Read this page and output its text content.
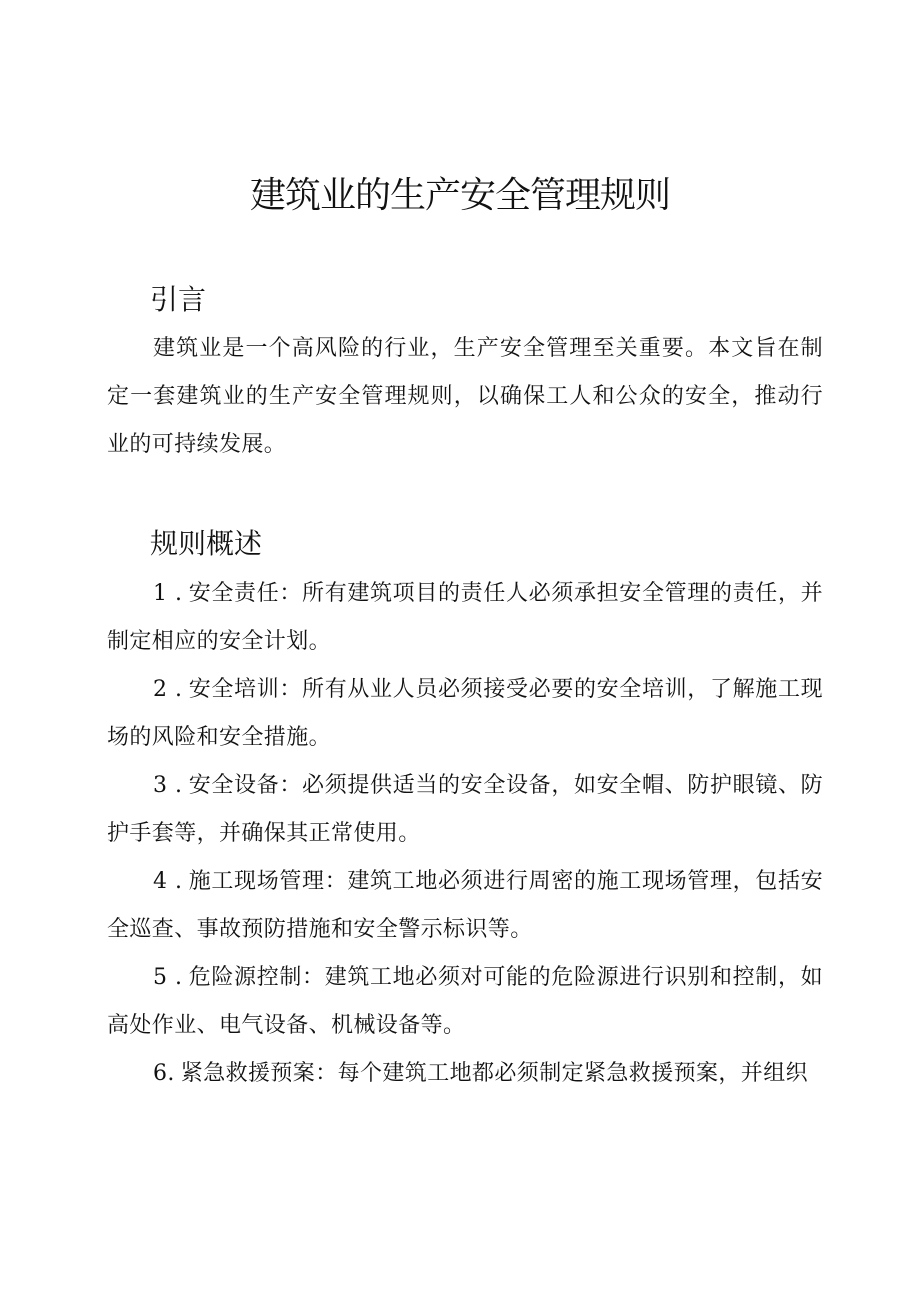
建筑业的生产安全管理规则
引言

建筑业是一个高风险的行业，生产安全管理至关重要。本文旨在制定一套建筑业的生产安全管理规则，以确保工人和公众的安全，推动行业的可持续发展。

规则概述

1 . 安全责任：所有建筑项目的责任人必须承担安全管理的责任，并制定相应的安全计划。

2 . 安全培训：所有从业人员必须接受必要的安全培训，了解施工现场的风险和安全措施。

3 . 安全设备：必须提供适当的安全设备，如安全帽、防护眼镜、防护手套等，并确保其正常使用。

4 . 施工现场管理：建筑工地必须进行周密的施工现场管理，包括安全巡查、事故预防措施和安全警示标识等。

5 . 危险源控制：建筑工地必须对可能的危险源进行识别和控制，如高处作业、电气设备、机械设备等。

6. 紧急救援预案：每个建筑工地都必须制定紧急救援预案，并组织
